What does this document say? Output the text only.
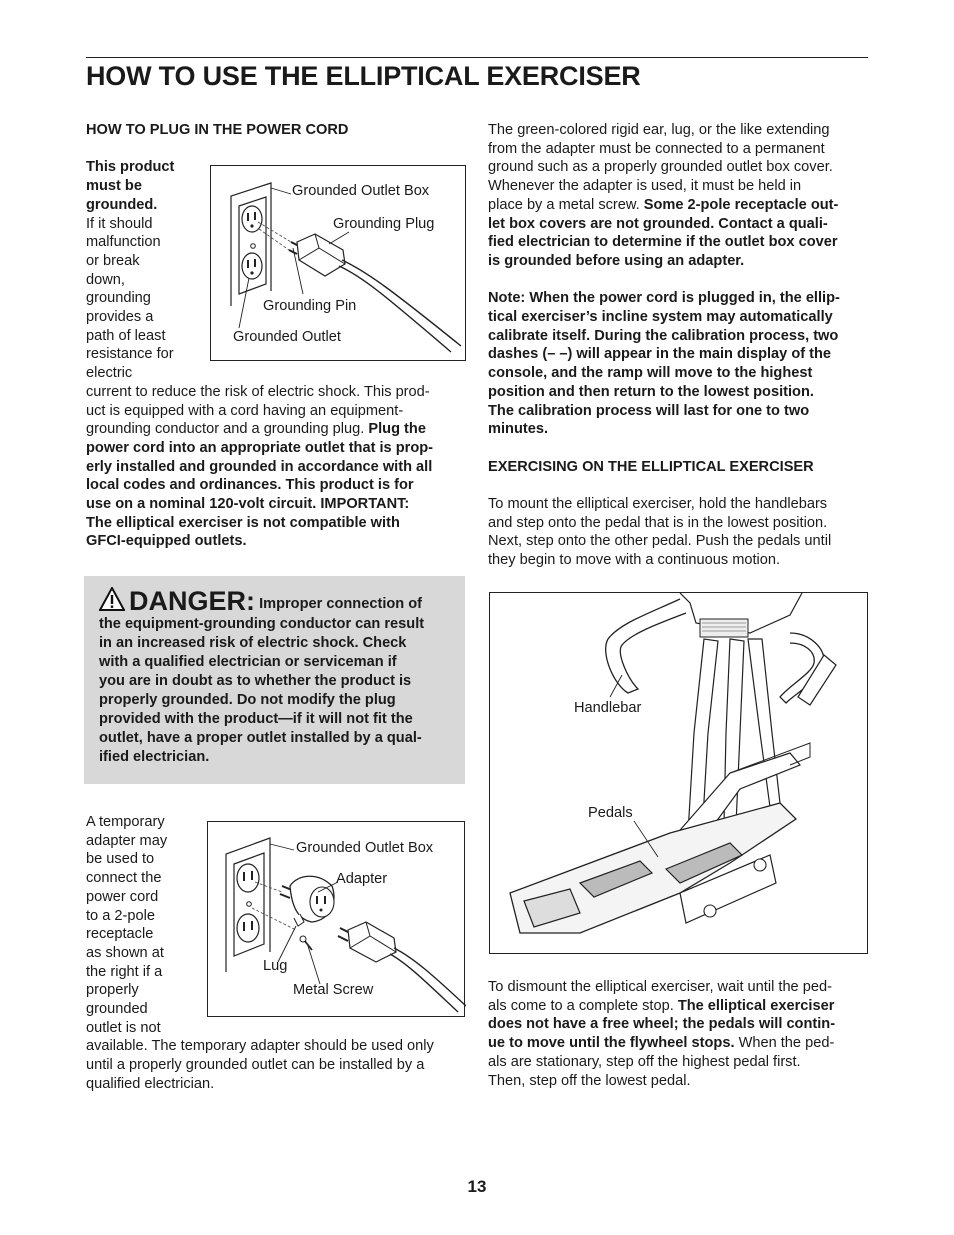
HOW TO USE THE ELLIPTICAL EXERCISER

HOW TO PLUG IN THE POWER CORD

This product

must be

grounded.

If it should

malfunction

or break

down,

grounding

provides a

path of least

resistance for

electric

current to reduce the risk of electric shock. This prod-

uct is equipped with a cord having an equipment-

grounding conductor and a grounding plug. Plug the

power cord into an appropriate outlet that is prop-

erly installed and grounded in accordance with all

local codes and ordinances. This product is for

use on a nominal 120-volt circuit. IMPORTANT:

The elliptical exerciser is not compatible with

GFCI-equipped outlets.

Grounded Outlet Box
Grounding Plug
Grounding Pin
Grounded Outlet

DANGER: Improper connection of

the equipment-grounding conductor can result

in an increased risk of electric shock. Check

with a qualified electrician or serviceman if

you are in doubt as to whether the product is

properly grounded. Do not modify the plug

provided with the product—if it will not fit the

outlet, have a proper outlet installed by a qual-

ified electrician.

A temporary

adapter may

be used to

connect the

power cord

to a 2-pole

receptacle

as shown at

the right if a

properly

grounded

outlet is not

available. The temporary adapter should be used only

until a properly grounded outlet can be installed by a

qualified electrician.

Grounded Outlet Box
Adapter
Lug
Metal Screw

The green-colored rigid ear, lug, or the like extending

from the adapter must be connected to a permanent

ground such as a properly grounded outlet box cover.

Whenever the adapter is used, it must be held in

place by a metal screw. Some 2-pole receptacle out-

let box covers are not grounded. Contact a quali-

fied electrician to determine if the outlet box cover

is grounded before using an adapter.

Note: When the power cord is plugged in, the ellip-

tical exerciser’s incline system may automatically

calibrate itself. During the calibration process, two

dashes (– –) will appear in the main display of the

console, and the ramp will move to the highest

position and then return to the lowest position.

The calibration process will last for one to two

minutes.

EXERCISING ON THE ELLIPTICAL EXERCISER

To mount the elliptical exerciser, hold the handlebars

and step onto the pedal that is in the lowest position.

Next, step onto the other pedal. Push the pedals until

they begin to move with a continuous motion.

Handlebar
Pedals

To dismount the elliptical exerciser, wait until the ped-

als come to a complete stop. The elliptical exerciser

does not have a free wheel; the pedals will contin-

ue to move until the flywheel stops. When the ped-

als are stationary, step off the highest pedal first.

Then, step off the lowest pedal.

13
